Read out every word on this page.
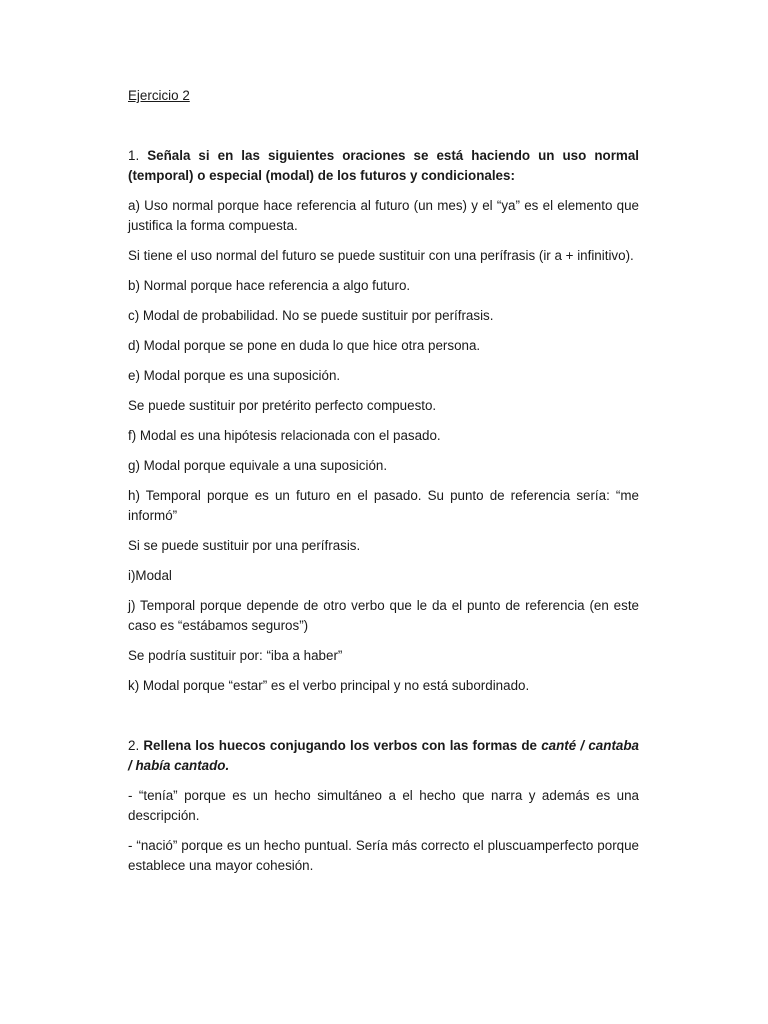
Ejercicio 2

1. Señala si en las siguientes oraciones se está haciendo un uso normal (temporal) o especial (modal) de los futuros y condicionales:

a) Uso normal porque hace referencia al futuro (un mes) y el “ya” es el elemento que justifica la forma compuesta.

Si tiene el uso normal del futuro se puede sustituir con una perífrasis (ir a + infinitivo).

b) Normal porque hace referencia a algo futuro.

c) Modal de probabilidad. No se puede sustituir por perífrasis.

d) Modal porque se pone en duda lo que hice otra persona.

e) Modal porque es una suposición.

Se puede sustituir por pretérito perfecto compuesto.

f) Modal es una hipótesis relacionada con el pasado.

g) Modal porque equivale a una suposición.

h) Temporal porque es un futuro en el pasado. Su punto de referencia sería: “me informó”

Si se puede sustituir por una perífrasis.

i)Modal

j) Temporal porque depende de otro verbo que le da el punto de referencia (en este caso es “estábamos seguros”)

Se podría sustituir por: “iba a haber”

k) Modal porque “estar” es el verbo principal y no está subordinado.

2. Rellena los huecos conjugando los verbos con las formas de canté / cantaba / había cantado.

- “tenía” porque es un hecho simultáneo a el hecho que narra y además es una descripción.

- “nació” porque es un hecho puntual. Sería más correcto el pluscuamperfecto porque establece una mayor cohesión.
